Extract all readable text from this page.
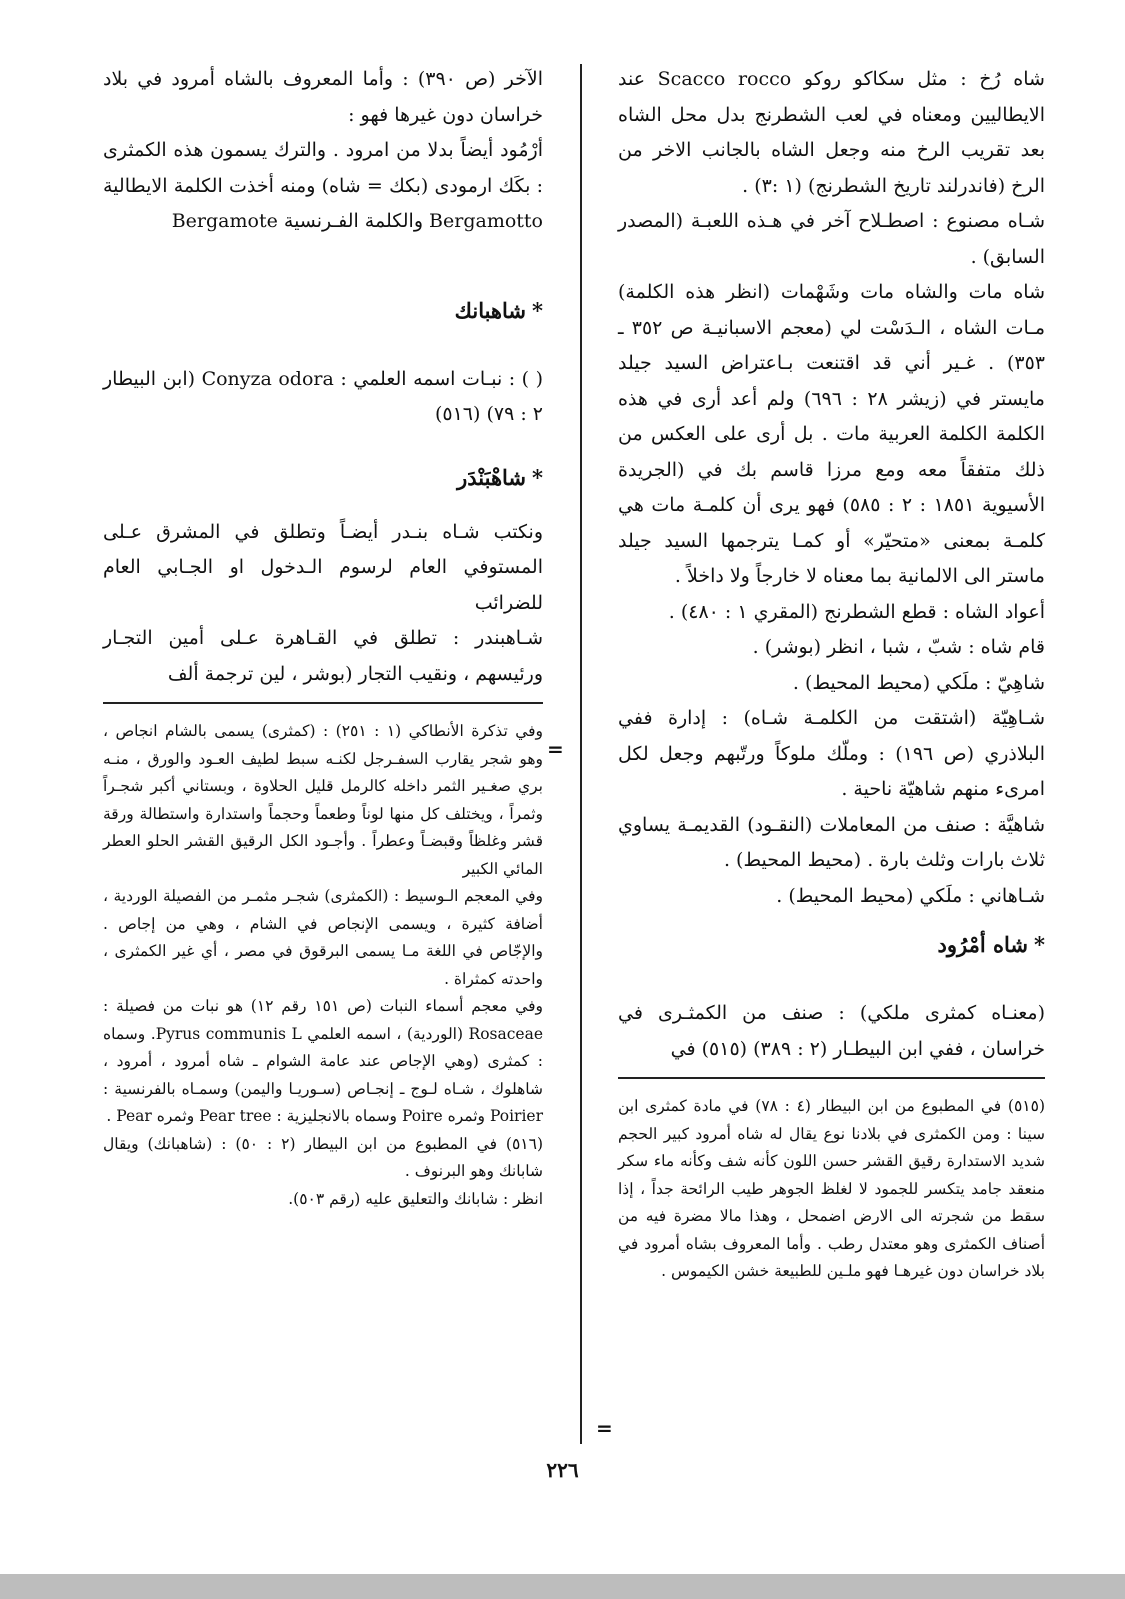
شاه رُخ : مثل سكاكو روكو Scacco rocco عند الايطاليين ومعناه في لعب الشطرنج بدل محل الشاه بعد تقريب الرخ منه وجعل الشاه بالجانب الاخر من الرخ (فاندرلند تاريخ الشطرنج) (١ :٣) .

شـاه مصنوع : اصطـلاح آخر في هـذه اللعبـة (المصدر السابق) .

شاه مات والشاه مات وشَهْمات (انظر هذه الكلمة) مـات الشاه ، الـدَسْت لي (معجم الاسبانيـة ص ٣٥٢ ـ ٣٥٣) . غـير أني قد اقتنعت بـاعتراض السيد جيلد مايستر في (زيشر ٢٨ : ٦٩٦) ولم أعد أرى في هذه الكلمة الكلمة العربية مات . بل أرى على العكس من ذلك متفقاً معه ومع مرزا قاسم بك في (الجريدة الأسيوية ١٨٥١ : ٢ : ٥٨٥) فهو يرى أن كلمـة مات هي كلمـة بمعنى «متحيّر» أو كمـا يترجمها السيد جيلد ماستر الى الالمانية بما معناه لا خارجاً ولا داخلاً .

أعواد الشاه : قطع الشطرنج (المقري ١ : ٤٨٠) .

قام شاه : شبّ ، شبا ، انظر (بوشر) .

شاهِيّ : ملَكي (محيط المحيط) .

شـاهِيّة (اشتقت من الكلمـة شـاه) : إدارة ففي البلاذري (ص ١٩٦) : وملّك ملوكاً ورتّبهم وجعل لكل امرىء منهم شاهيّة ناحية .

شاهيَّة : صنف من المعاملات (النقـود) القديمـة يساوي ثلاث بارات وثلث بارة . (محيط المحيط) .

شـاهاني : ملَكي (محيط المحيط) .

*شاه أمْرُود

(معنـاه كمثرى ملكي) : صنف من الكمثـرى في خراسان ، ففي ابن البيطـار (٢ : ٣٨٩) (٥١٥) في

(٥١٥) في المطبوع من ابن البيطار (٤ : ٧٨) في مادة كمثرى ابن سينا : ومن الكمثرى في بلادنا نوع يقال له شاه أمرود كبير الحجم شديد الاستدارة رقيق القشر حسن اللون كأنه شف وكأنه ماء سكر منعقد جامد يتكسر للجمود لا لغلظ الجوهر طيب الرائحة جداً ، إذا سقط من شجرته الى الارض اضمحل ، وهذا مالا مضرة فيه من أصناف الكمثرى وهو معتدل رطب . وأما المعروف بشاه أمرود في بلاد خراسان دون غيرهـا فهو ملـين للطبيعة خشن الكيموس .

=

الآخر (ص ٣٩٠) : وأما المعروف بالشاه أمرود في بلاد خراسان دون غيرها فهو :

أرْمُود أيضاً بدلا من امرود . والترك يسمون هذه الكمثرى : بكَك ارمودى (بكك = شاه) ومنه أخذت الكلمة الايطالية Bergamotto والكلمة الفـرنسية Bergamote

*شاهبانك

( ) : نبـات اسمه العلمي : Conyza odora (ابن البيطار ٢ : ٧٩) (٥١٦)

*شاهْبَنْدَر

ونكتب شـاه بنـدر أيضـاً وتطلق في المشرق عـلى المستوفي العام لرسوم الـدخول او الجـابي العام للضرائب

شـاهبندر : تطلق في القـاهرة عـلى أمين التجـار ورئيسهم ، ونقيب التجار (بوشر ، لين ترجمة ألف

وفي تذكرة الأنطاكي (١ : ٢٥١) : (كمثرى) يسمى بالشام انجاص ، وهو شجر يقارب السفـرجل لكنـه سبط لطيف العـود والورق ، منـه بري صغـير الثمر داخله كالرمل قليل الحلاوة ، وبستاني أكبر شجـراً وثمراً ، ويختلف كل منها لوناً وطعماً وحجماً واستدارة واستطالة ورقة قشر وغلظاً وقبضـاً وعطراً . وأجـود الكل الرقيق القشر الحلو العطر المائي الكبير

وفي المعجم الـوسيط : (الكمثرى) شجـر مثمـر من الفصيلة الوردية ، أضافة كثيرة ، ويسمى الإنجاص في الشام ، وهي من إجاص . والإجّاص في اللغة مـا يسمى البرقوق في مصر ، أي غير الكمثرى ، واحدته كمثراة .

وفي معجم أسماء النبات (ص ١٥١ رقم ١٢) هو نبات من فصيلة : Rosaceae (الوردية) ، اسمه العلمي Pyrus communis L. وسماه : كمثرى (وهي الإجاص عند عامة الشوام ـ شاه أمرود ، أمرود ، شاهلوك ، شـاه لـوج ـ إنجـاص (سـوريـا واليمن) وسمـاه بالفرنسية : Poirier وثمره Poire وسماه بالانجليزية : Pear tree وثمره Pear .

(٥١٦) في المطبوع من ابن البيطار (٢ : ٥٠) : (شاهبانك) ويقال شابانك وهو البرنوف .

انظر : شابانك والتعليق عليه (رقم ٥٠٣).

=
٢٢٦
